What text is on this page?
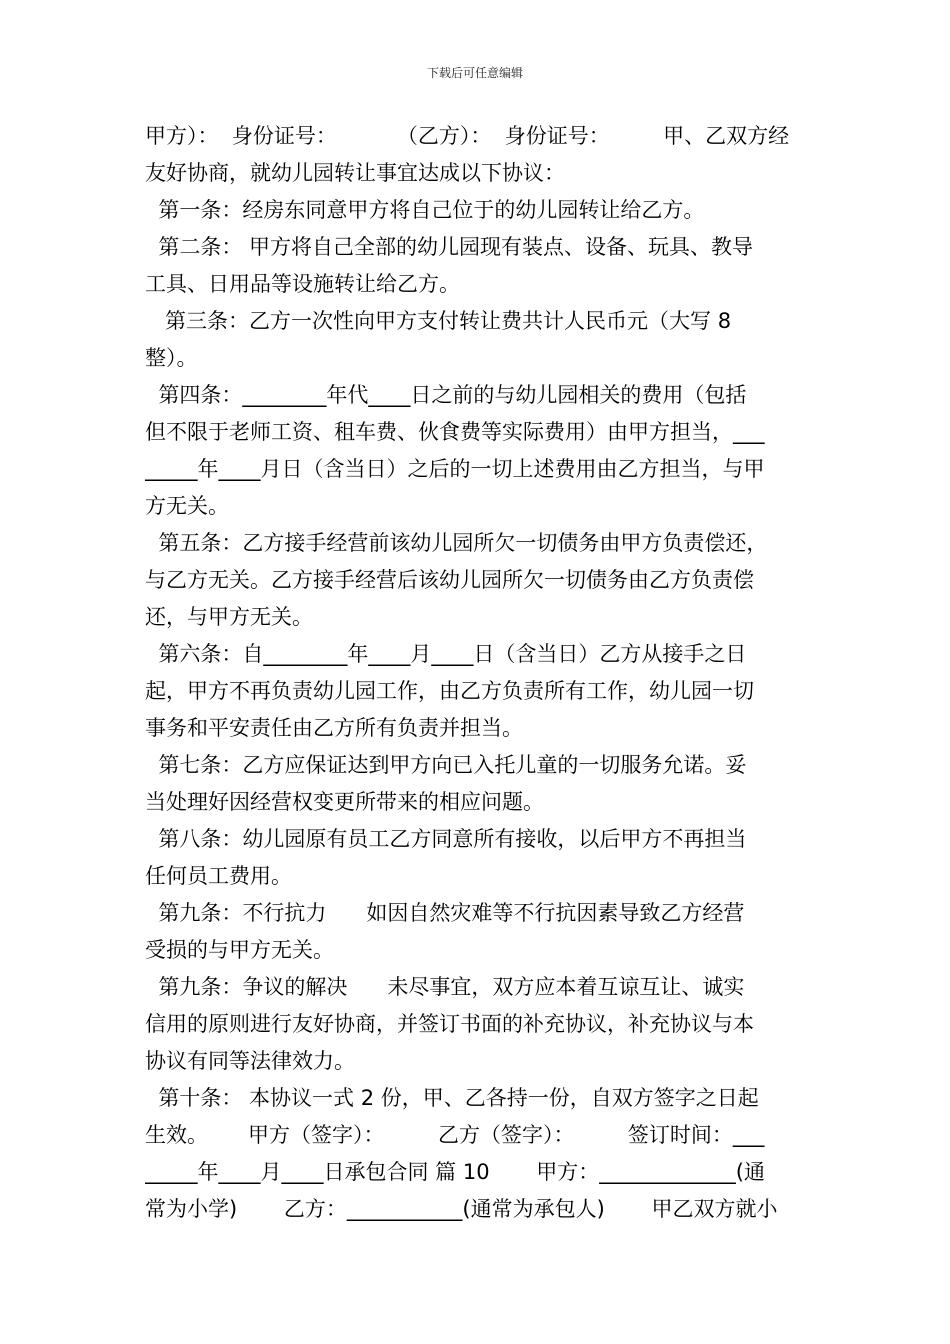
下载后可任意编辑
甲方）：  身份证号：         （乙方）：  身份证号：        甲、乙双方经
友好协商，就幼儿园转让事宜达成以下协议：
第一条：经房东同意甲方将自己位于的幼儿园转让给乙方。
第二条： 甲方将自己全部的幼儿园现有装点、设备、玩具、教导
工具、日用品等设施转让给乙方。
第三条：乙方一次性向甲方支付转让费共计人民币元（大写 8
整）。
第四条：________年代____日之前的与幼儿园相关的费用（包括
但不限于老师工资、租车费、伙食费等实际费用）由甲方担当，___
_____年____月日（含当日）之后的一切上述费用由乙方担当，与甲
方无关。
第五条：乙方接手经营前该幼儿园所欠一切债务由甲方负责偿还，
与乙方无关。乙方接手经营后该幼儿园所欠一切债务由乙方负责偿
还，与甲方无关。
第六条：自________年____月____日（含当日）乙方从接手之日
起，甲方不再负责幼儿园工作，由乙方负责所有工作，幼儿园一切
事务和平安责任由乙方所有负责并担当。
第七条：乙方应保证达到甲方向已入托儿童的一切服务允诺。妥
当处理好因经营权变更所带来的相应问题。
第八条：幼儿园原有员工乙方同意所有接收，以后甲方不再担当
任何员工费用。
第九条：不行抗力      如因自然灾难等不行抗因素导致乙方经营
受损的与甲方无关。
第九条：争议的解决      未尽事宜，双方应本着互谅互让、诚实
信用的原则进行友好协商，并签订书面的补充协议，补充协议与本
协议有同等法律效力。
第十条： 本协议一式 2 份，甲、乙各持一份，自双方签字之日起
生效。      甲方（签字）：        乙方（签字）：        签订时间：___
_____年____月____日承包合同 篇 10       甲方：_____________(通
常为小学)       乙方：___________(通常为承包人)       甲乙双方就小
